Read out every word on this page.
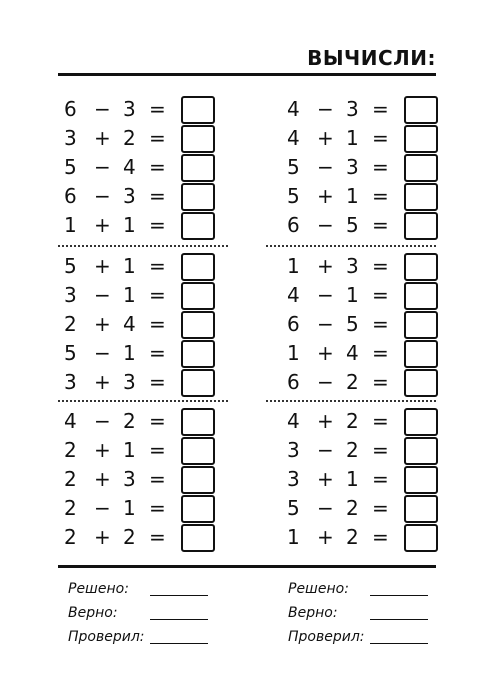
ВЫЧИСЛИ:
6 − 3 =
3 + 2 =
5 − 4 =
6 − 3 =
1 + 1 =
5 + 1 =
3 − 1 =
2 + 4 =
5 − 1 =
3 + 3 =
4 − 2 =
2 + 1 =
2 + 3 =
2 − 1 =
2 + 2 =
4 − 3 =
4 + 1 =
5 − 3 =
5 + 1 =
6 − 5 =
1 + 3 =
4 − 1 =
6 − 5 =
1 + 4 =
6 − 2 =
4 + 2 =
3 − 2 =
3 + 1 =
5 − 2 =
1 + 2 =
Решено:
Верно:
Проверил:
Решено:
Верно:
Проверил:
